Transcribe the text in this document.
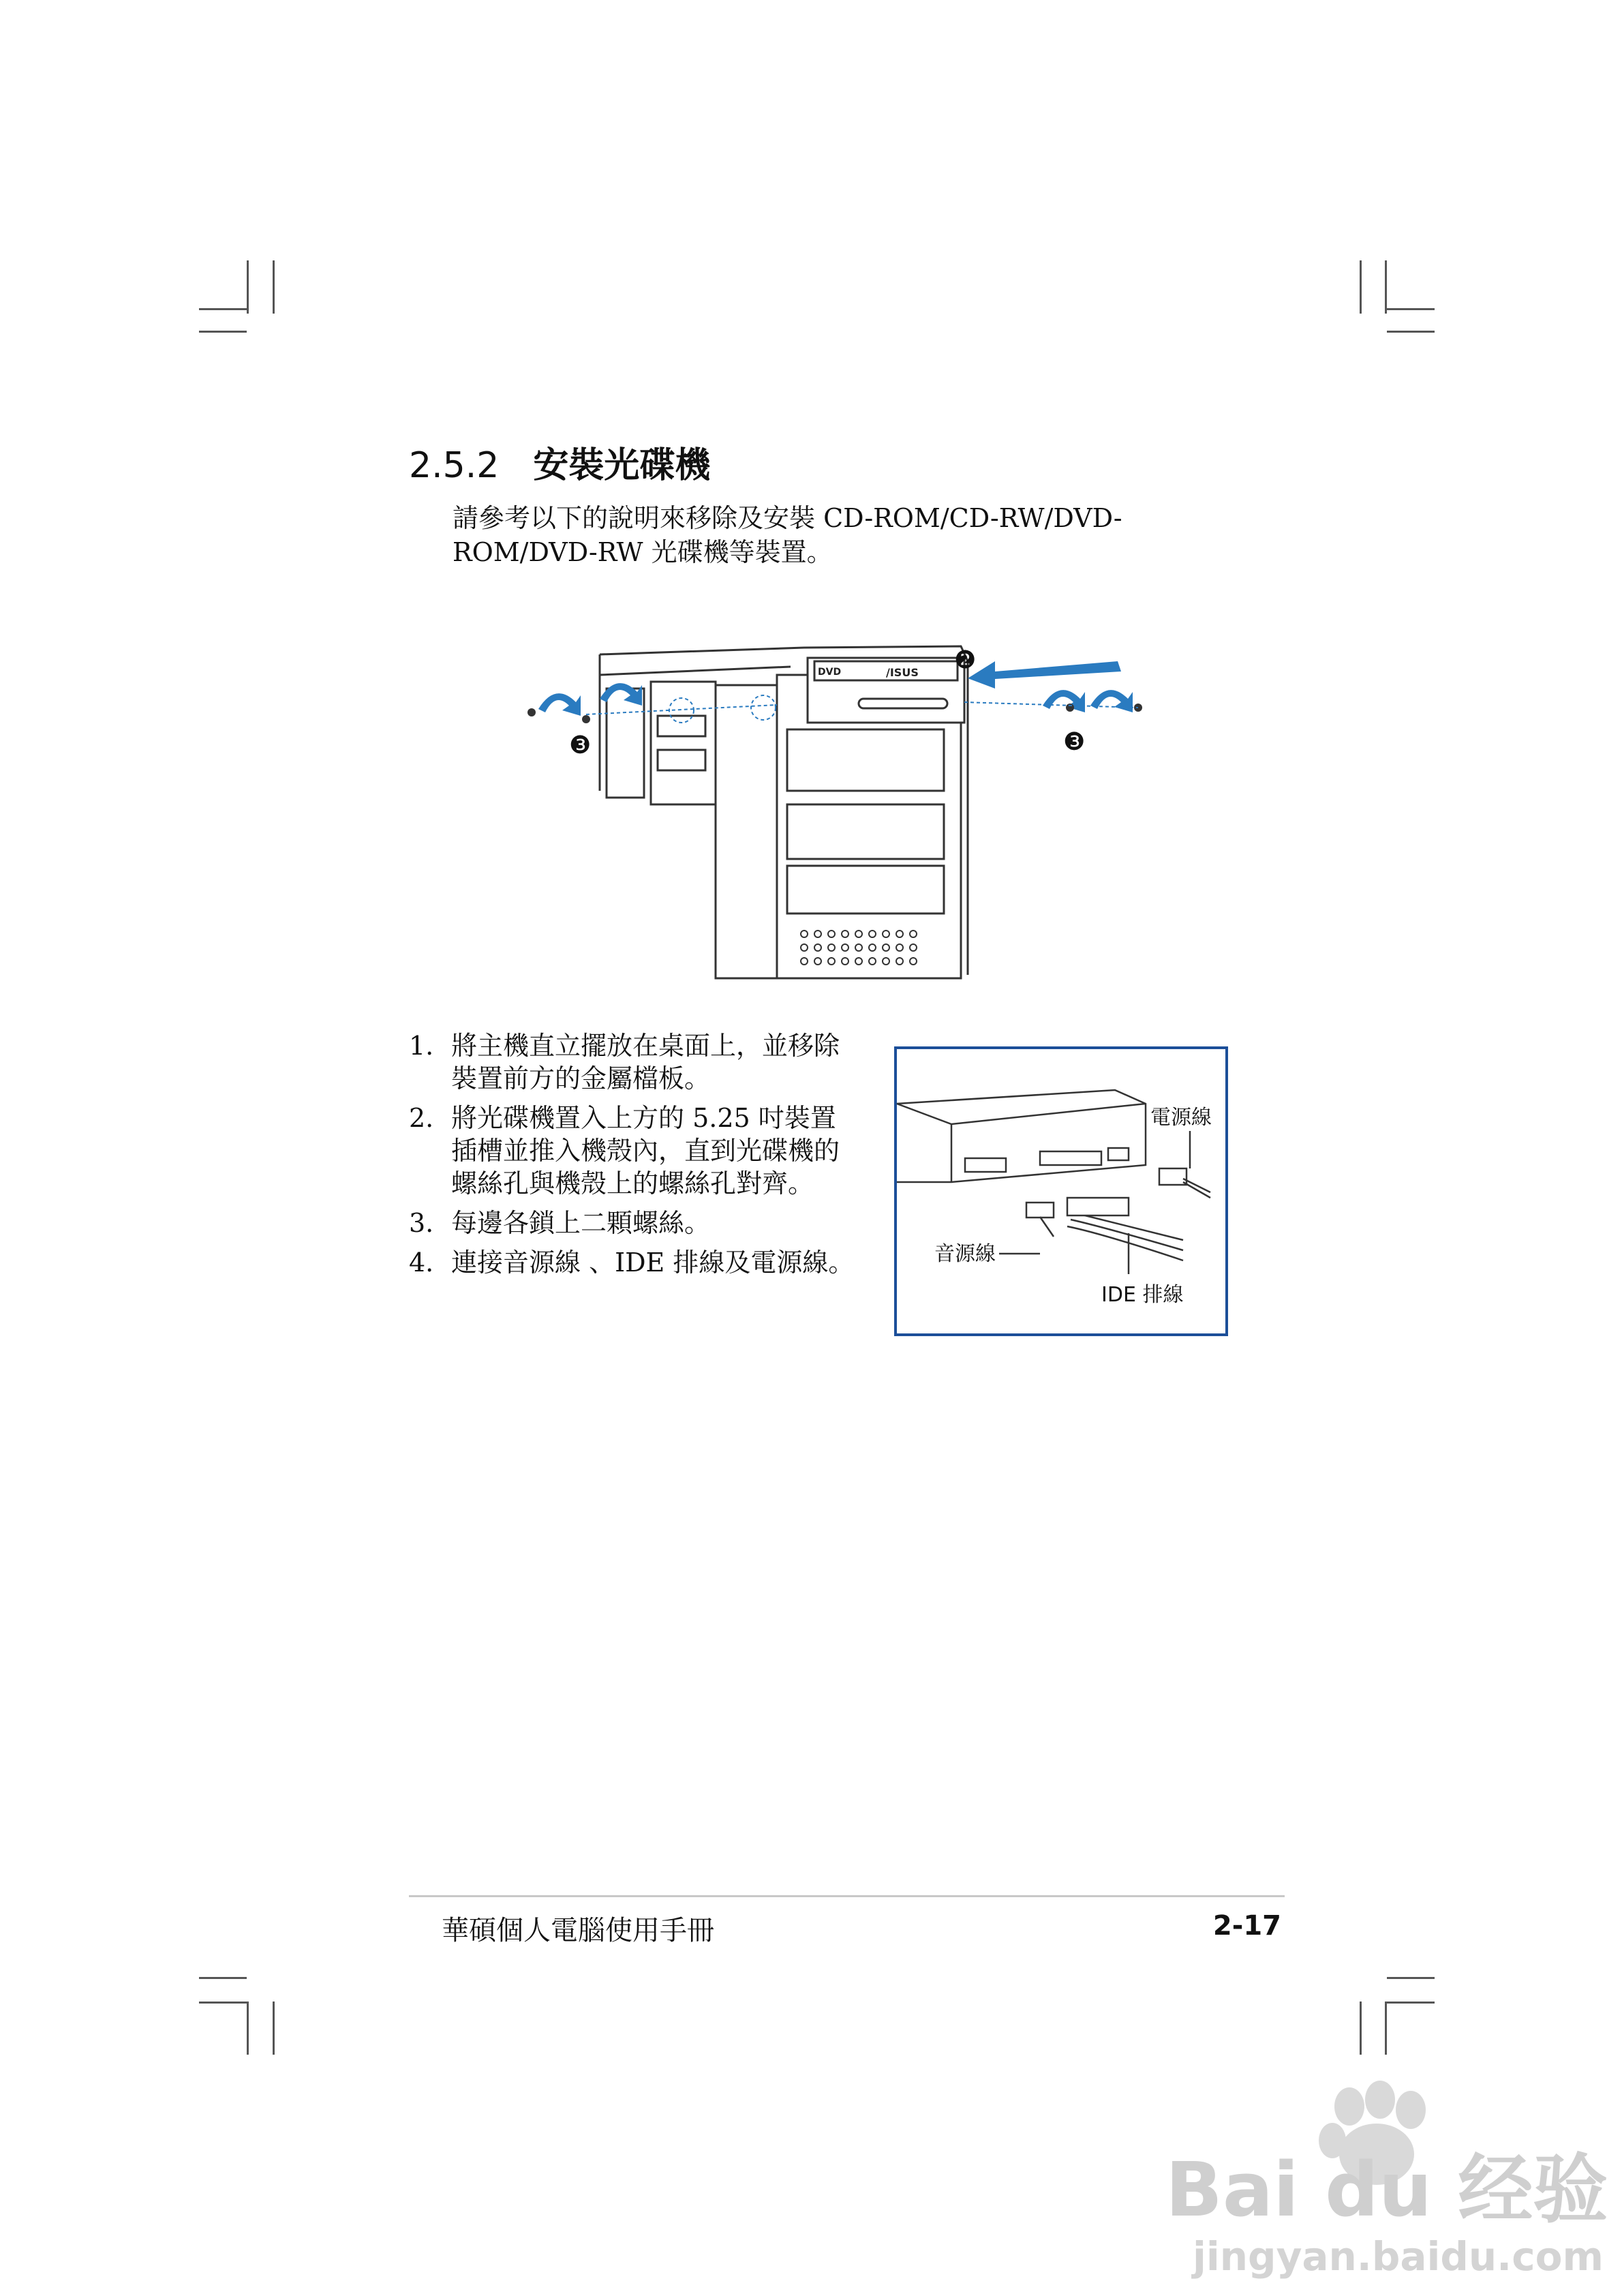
2.5.2 安裝光碟機
請參考以下的說明來移除及安裝 CD-ROM/CD-RW/DVD-ROM/DVD-RW 光碟機等裝置。
DVD	/ISUS ❷
❸	❸
1. 將主機直立擺放在桌面上，並移除裝置前方的金屬檔板。
2. 將光碟機置入上方的 5.25 吋裝置插槽並推入機殼內，直到光碟機的螺絲孔與機殼上的螺絲孔對齊。
3. 每邊各鎖上二顆螺絲。
4. 連接音源線 、IDE 排線及電源線。
電源線
音源線
IDE 排線
華碩個人電腦使用手冊	2-17
Bai du 经验
jingyan.baidu.com
